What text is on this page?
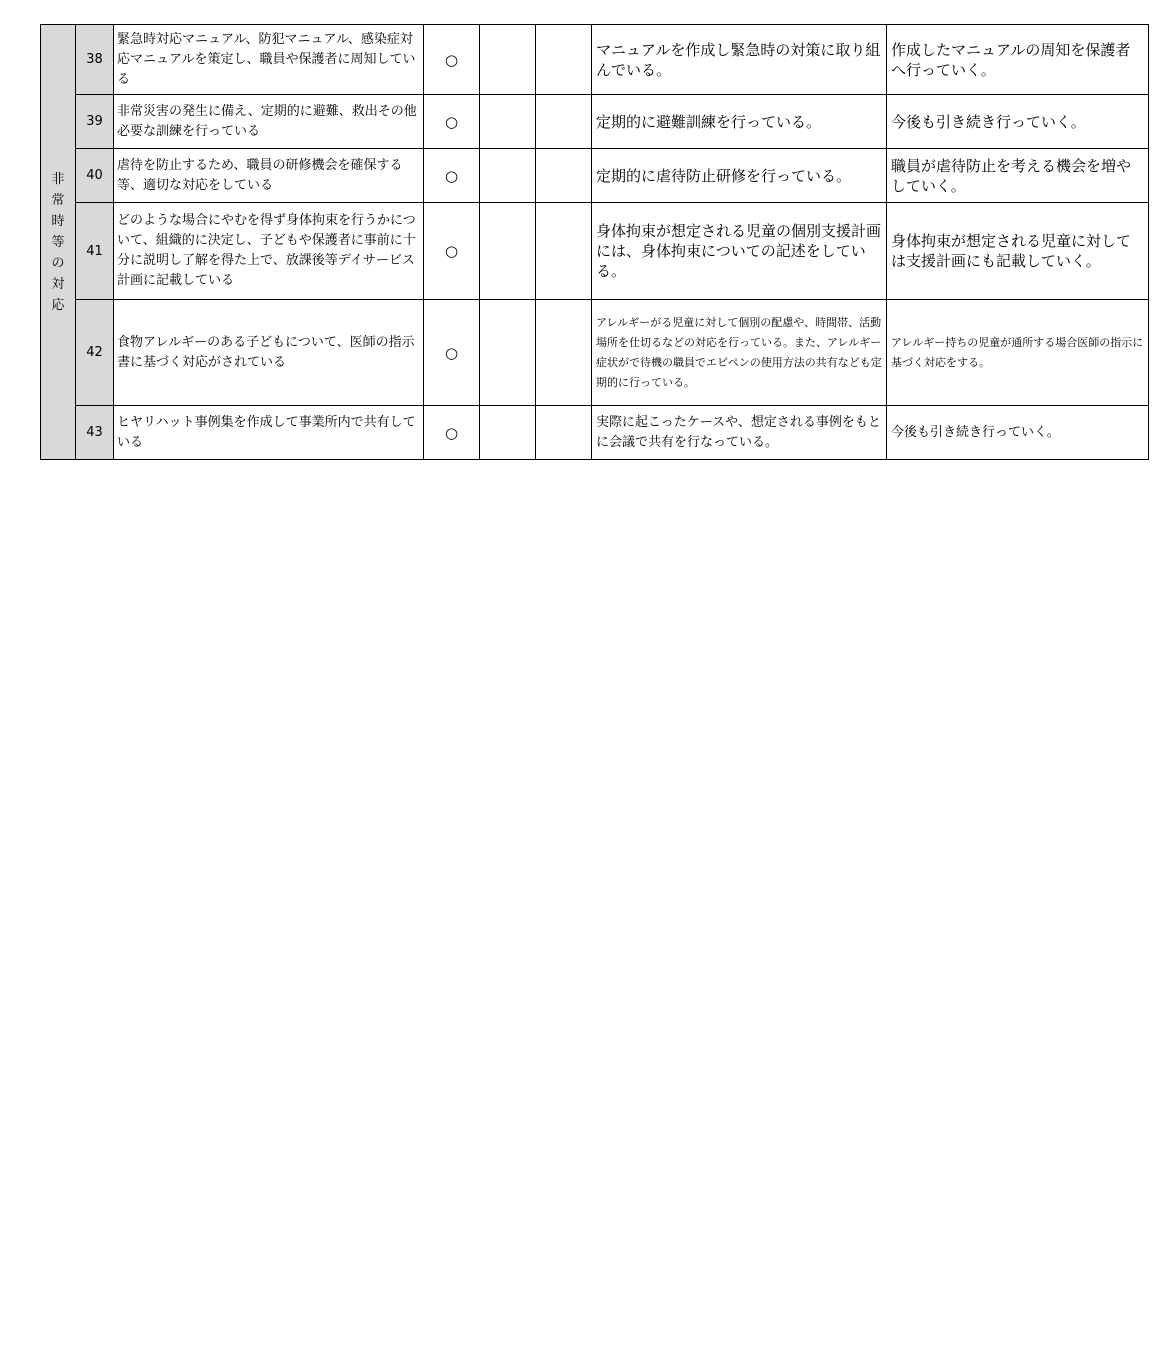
非常時等の対応	38	緊急時対応マニュアル、防犯マニュアル、感染症対応マニュアルを策定し、職員や保護者に周知している	○			マニュアルを作成し緊急時の対策に取り組んでいる。	作成したマニュアルの周知を保護者へ行っていく。
	39	非常災害の発生に備え、定期的に避難、救出その他必要な訓練を行っている	○			定期的に避難訓練を行っている。	今後も引き続き行っていく。
	40	虐待を防止するため、職員の研修機会を確保する等、適切な対応をしている	○			定期的に虐待防止研修を行っている。	職員が虐待防止を考える機会を増やしていく。
	41	どのような場合にやむを得ず身体拘束を行うかについて、組織的に決定し、子どもや保護者に事前に十分に説明し了解を得た上で、放課後等デイサービス計画に記載している	○			身体拘束が想定される児童の個別支援計画には、身体拘束についての記述をしている。	身体拘束が想定される児童に対しては支援計画にも記載していく。
	42	食物アレルギーのある子どもについて、医師の指示書に基づく対応がされている	○			アレルギーがる児童に対して個別の配慮や、時間帯、活動場所を仕切るなどの対応を行っている。また、アレルギー症状がで待機の職員でエピペンの使用方法の共有なども定期的に行っている。	アレルギー持ちの児童が通所する場合医師の指示に基づく対応をする。
	43	ヒヤリハット事例集を作成して事業所内で共有している	○			実際に起こったケースや、想定される事例をもとに会議で共有を行なっている。	今後も引き続き行っていく。
